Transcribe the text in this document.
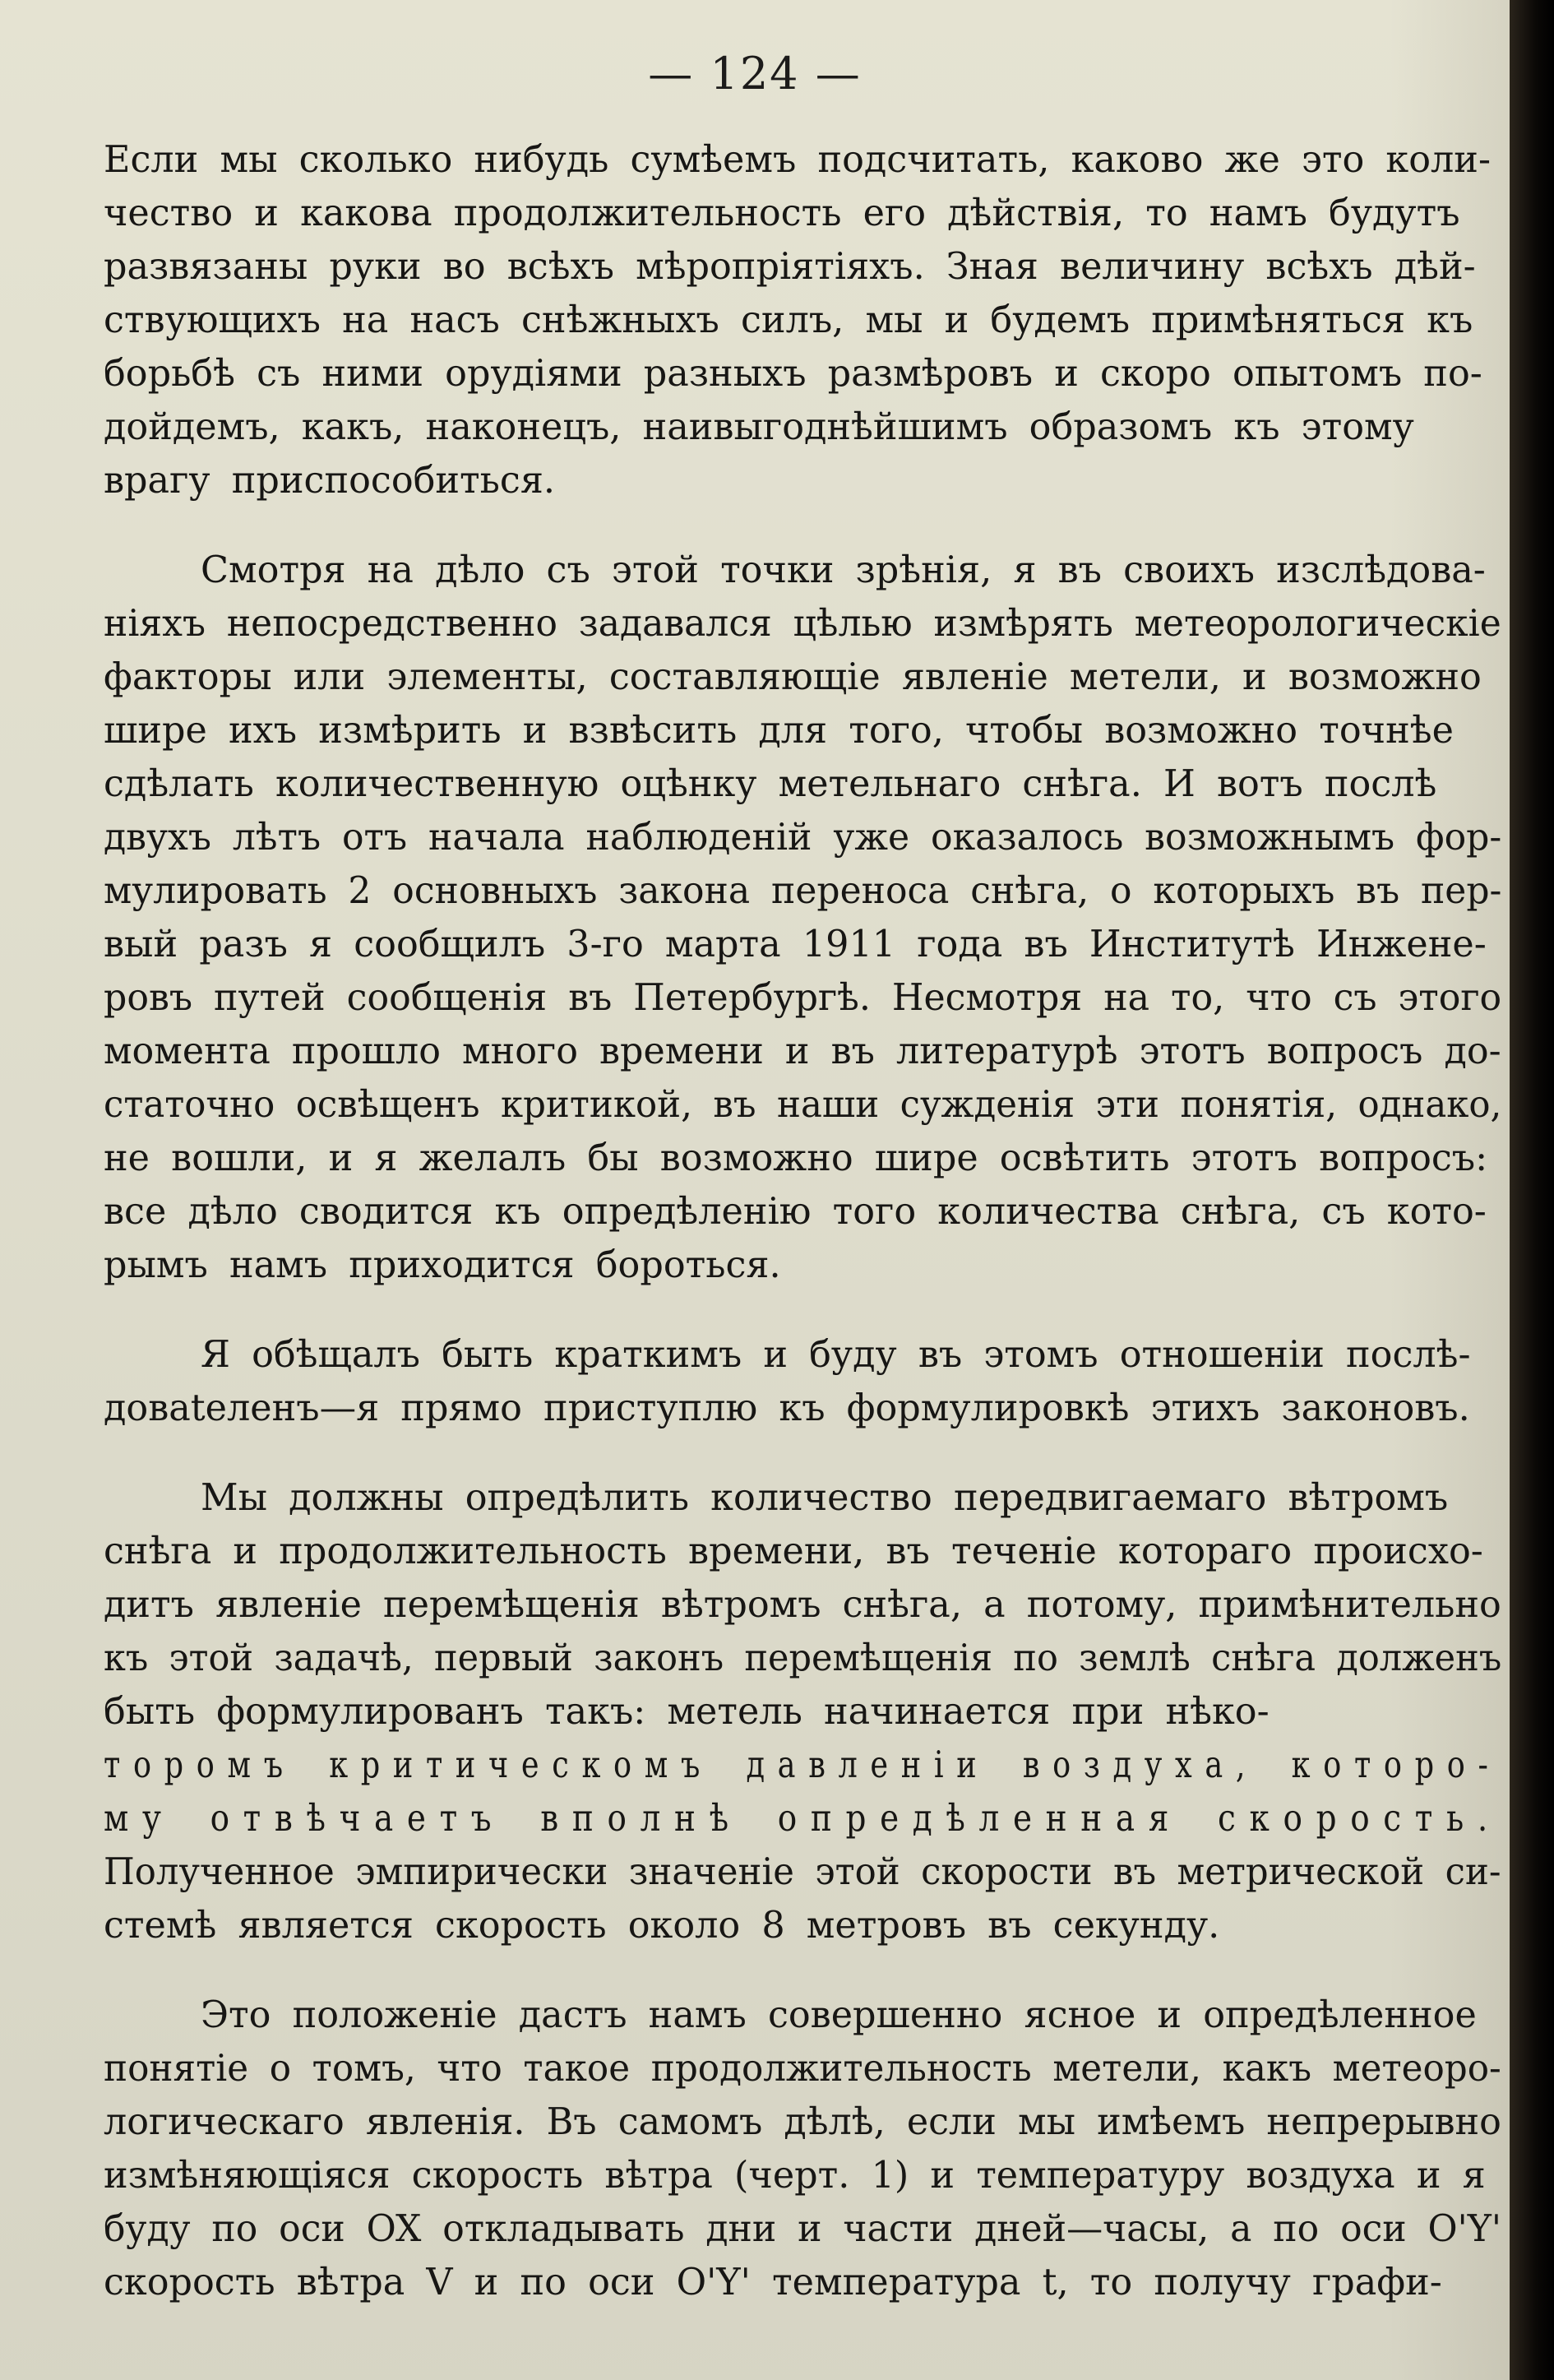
— 124 —
Если мы сколько нибудь сумѣемъ подсчитать, каково же это коли-
чество и какова продолжительность его дѣйствія, то намъ будутъ
развязаны руки во всѣхъ мѣропріятіяхъ. Зная величину всѣхъ дѣй-
ствующихъ на насъ снѣжныхъ силъ, мы и будемъ примѣняться къ
борьбѣ съ ними орудіями разныхъ размѣровъ и скоро опытомъ по-
дойдемъ, какъ, наконецъ, наивыгоднѣйшимъ образомъ къ этому
врагу приспособиться.
Смотря на дѣло съ этой точки зрѣнія, я въ своихъ изслѣдова-
ніяхъ непосредственно задавался цѣлью измѣрять метеорологическіе
факторы или элементы, составляющіе явленіе метели, и возможно
шире ихъ измѣрить и взвѣсить для того, чтобы возможно точнѣе
сдѣлать количественную оцѣнку метельнаго снѣга. И вотъ послѣ
двухъ лѣтъ отъ начала наблюденій уже оказалось возможнымъ фор-
мулировать 2 основныхъ закона переноса снѣга, о которыхъ въ пер-
вый разъ я сообщилъ 3-го марта 1911 года въ Институтѣ Инжене-
ровъ путей сообщенія въ Петербургѣ. Несмотря на то, что съ этого
момента прошло много времени и въ литературѣ этотъ вопросъ до-
статочно освѣщенъ критикой, въ наши сужденія эти понятія, однако,
не вошли, и я желалъ бы возможно шире освѣтить этотъ вопросъ:
все дѣло сводится къ опредѣленію того количества снѣга, съ кото-
рымъ намъ приходится бороться.
Я обѣщалъ быть краткимъ и буду въ этомъ отношеніи послѣ-
довateленъ—я прямо приступлю къ формулировкѣ этихъ законовъ.
Мы должны опредѣлить количество передвигаемаго вѣтромъ
снѣга и продолжительность времени, въ теченіе котораго происхо-
дитъ явленіе перемѣщенія вѣтромъ снѣга, а потому, примѣнительно
къ этой задачѣ, первый законъ перемѣщенія по землѣ снѣга долженъ
быть формулированъ такъ: метель начинается при нѣко-
торомъ критическомъ давленіи воздуха, которо-
му отвѣчаетъ вполнѣ опредѣленная скорость.
Полученное эмпирически значеніе этой скорости въ метрической си-
стемѣ является скорость около 8 метровъ въ секунду.
Это положеніе дастъ намъ совершенно ясное и опредѣленное
понятіе о томъ, что такое продолжительность метели, какъ метеоро-
логическаго явленія. Въ самомъ дѣлѣ, если мы имѣемъ непрерывно
измѣняющіяся скорость вѣтра (черт. 1) и температуру воздуха и я
буду по оси OX откладывать дни и части дней—часы, а по оси O'Y'
скорость вѣтра V и по оси O'Y' температура t, то получу графи-
